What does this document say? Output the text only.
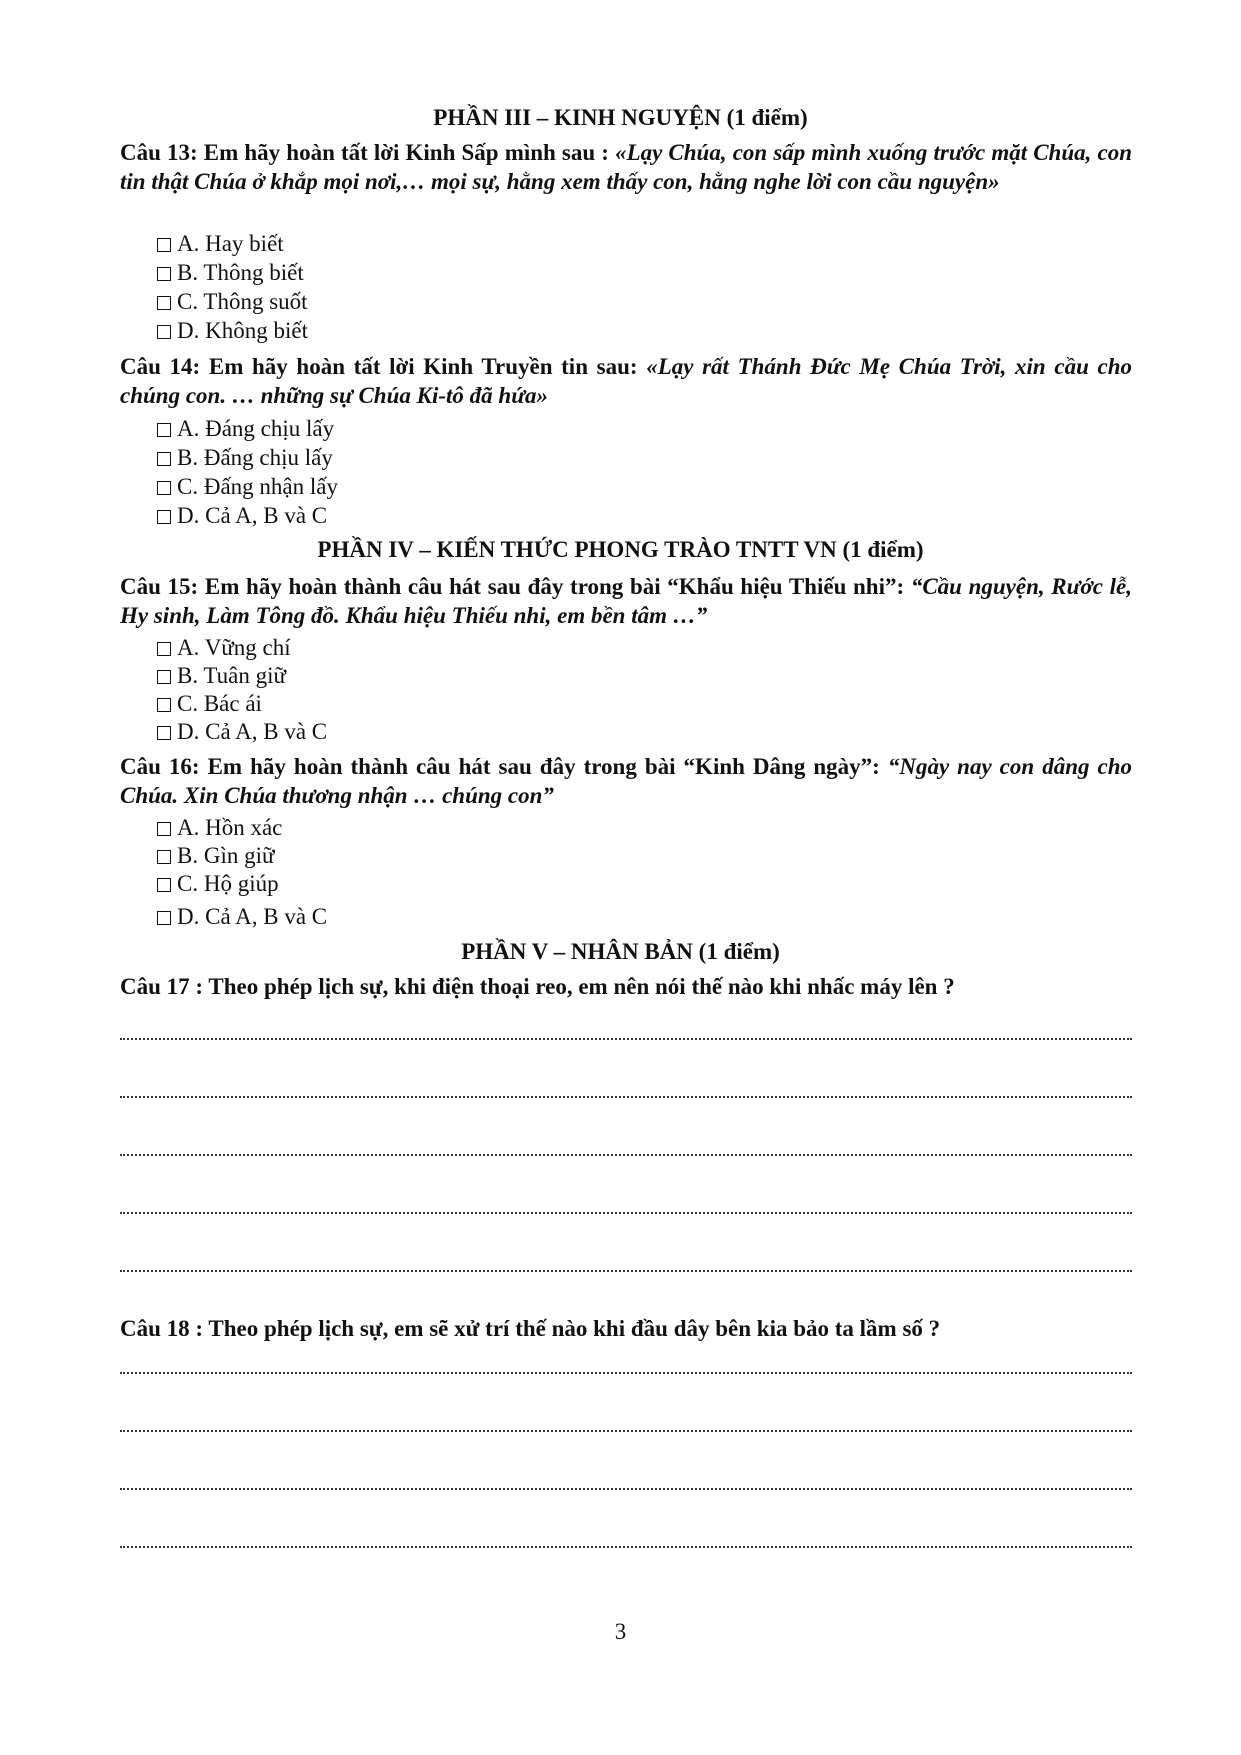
PHẦN III – KINH NGUYỆN (1 điểm)
Câu 13: Em hãy hoàn tất lời Kinh Sấp mình sau : «Lạy Chúa, con sấp mình xuống trước mặt Chúa, con tin thật Chúa ở khắp mọi nơi,… mọi sự, hằng xem thấy con, hằng nghe lời con cầu nguyện»
A. Hay biết
B. Thông biết
C. Thông suốt
D. Không biết
Câu 14: Em hãy hoàn tất lời Kinh Truyền tin sau: «Lạy rất Thánh Đức Mẹ Chúa Trời, xin cầu cho chúng con. … những sự Chúa Ki-tô đã hứa»
A. Đáng chịu lấy
B. Đấng chịu lấy
C. Đấng nhận lấy
D. Cả A, B và C
PHẦN IV – KIẾN THỨC PHONG TRÀO TNTT VN (1 điểm)
Câu 15: Em hãy hoàn thành câu hát sau đây trong bài “Khẩu hiệu Thiếu nhi”: “Cầu nguyện, Rước lễ, Hy sinh, Làm Tông đồ. Khẩu hiệu Thiếu nhi, em bền tâm …”
A. Vững chí
B. Tuân giữ
C. Bác ái
D. Cả A, B và C
Câu 16: Em hãy hoàn thành câu hát sau đây trong bài “Kinh Dâng ngày”: “Ngày nay con dâng cho Chúa. Xin Chúa thương nhận … chúng con”
A. Hồn xác
B. Gìn giữ
C. Hộ giúp
D. Cả A, B và C
PHẦN V – NHÂN BẢN (1 điểm)
Câu 17 : Theo phép lịch sự, khi điện thoại reo, em nên nói thế nào khi nhấc máy lên ?
Câu 18 : Theo phép lịch sự, em sẽ xử trí thế nào khi đầu dây bên kia bảo ta lầm số ?
3
